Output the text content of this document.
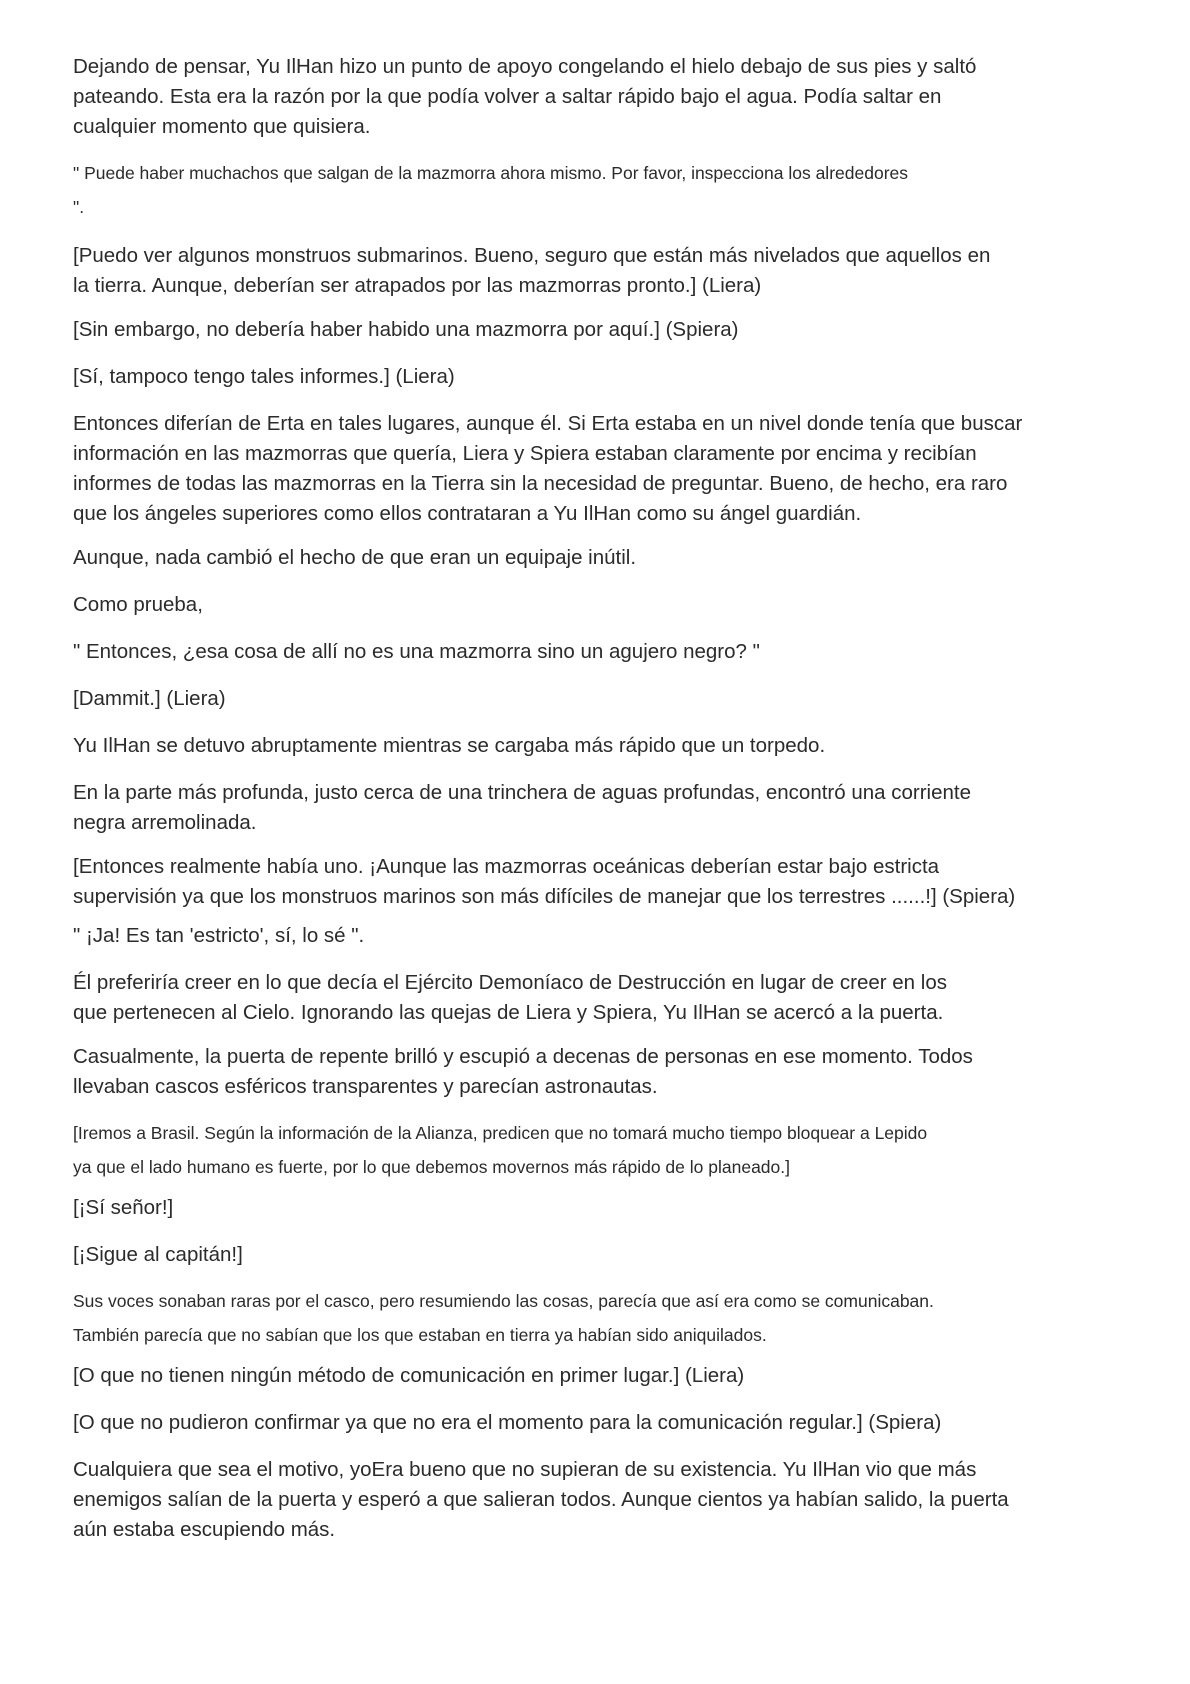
Dejando de pensar, Yu IlHan hizo un punto de apoyo congelando el hielo debajo de sus pies y saltó
pateando. Esta era la razón por la que podía volver a saltar rápido bajo el agua. Podía saltar en
cualquier momento que quisiera.

" Puede haber muchachos que salgan de la mazmorra ahora mismo. Por favor, inspecciona los alrededores
".

[Puedo ver algunos monstruos submarinos. Bueno, seguro que están más nivelados que aquellos en
la tierra. Aunque, deberían ser atrapados por las mazmorras pronto.] (Liera)

[Sin embargo, no debería haber habido una mazmorra por aquí.] (Spiera)

[Sí, tampoco tengo tales informes.] (Liera)

Entonces diferían de Erta en tales lugares, aunque él. Si Erta estaba en un nivel donde tenía que buscar
información en las mazmorras que quería, Liera y Spiera estaban claramente por encima y recibían
informes de todas las mazmorras en la Tierra sin la necesidad de preguntar. Bueno, de hecho, era raro
que los ángeles superiores como ellos contrataran a Yu IlHan como su ángel guardián.

Aunque, nada cambió el hecho de que eran un equipaje inútil.

Como prueba,

" Entonces, ¿esa cosa de allí no es una mazmorra sino un agujero negro? "

[Dammit.] (Liera)

Yu IlHan se detuvo abruptamente mientras se cargaba más rápido que un torpedo.

En la parte más profunda, justo cerca de una trinchera de aguas profundas, encontró una corriente
negra arremolinada.

[Entonces realmente había uno. ¡Aunque las mazmorras oceánicas deberían estar bajo estricta
supervisión ya que los monstruos marinos son más difíciles de manejar que los terrestres ......!] (Spiera)

" ¡Ja! Es tan 'estricto', sí, lo sé ".

Él preferiría creer en lo que decía el Ejército Demoníaco de Destrucción en lugar de creer en los
que pertenecen al Cielo. Ignorando las quejas de Liera y Spiera, Yu IlHan se acercó a la puerta.

Casualmente, la puerta de repente brilló y escupió a decenas de personas en ese momento. Todos
llevaban cascos esféricos transparentes y parecían astronautas.

[Iremos a Brasil. Según la información de la Alianza, predicen que no tomará mucho tiempo bloquear a Lepido
ya que el lado humano es fuerte, por lo que debemos movernos más rápido de lo planeado.]

[¡Sí señor!]

[¡Sigue al capitán!]

Sus voces sonaban raras por el casco, pero resumiendo las cosas, parecía que así era como se comunicaban.
También parecía que no sabían que los que estaban en tierra ya habían sido aniquilados.

[O que no tienen ningún método de comunicación en primer lugar.] (Liera)

[O que no pudieron confirmar ya que no era el momento para la comunicación regular.] (Spiera)

Cualquiera que sea el motivo, yoEra bueno que no supieran de su existencia. Yu IlHan vio que más
enemigos salían de la puerta y esperó a que salieran todos. Aunque cientos ya habían salido, la puerta
aún estaba escupiendo más.
